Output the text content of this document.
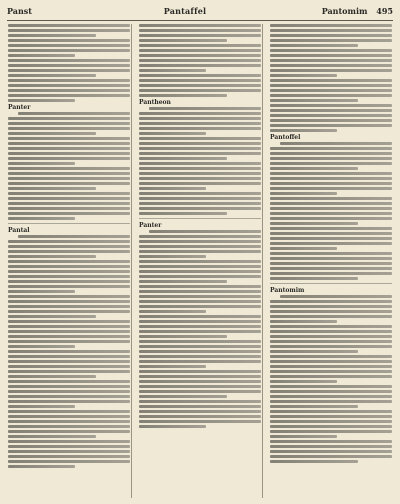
Panst	Pantaffel	Pantomim 495
Panter
Pantal
Pantheon
Panter
Pantoffel
Pantomim
